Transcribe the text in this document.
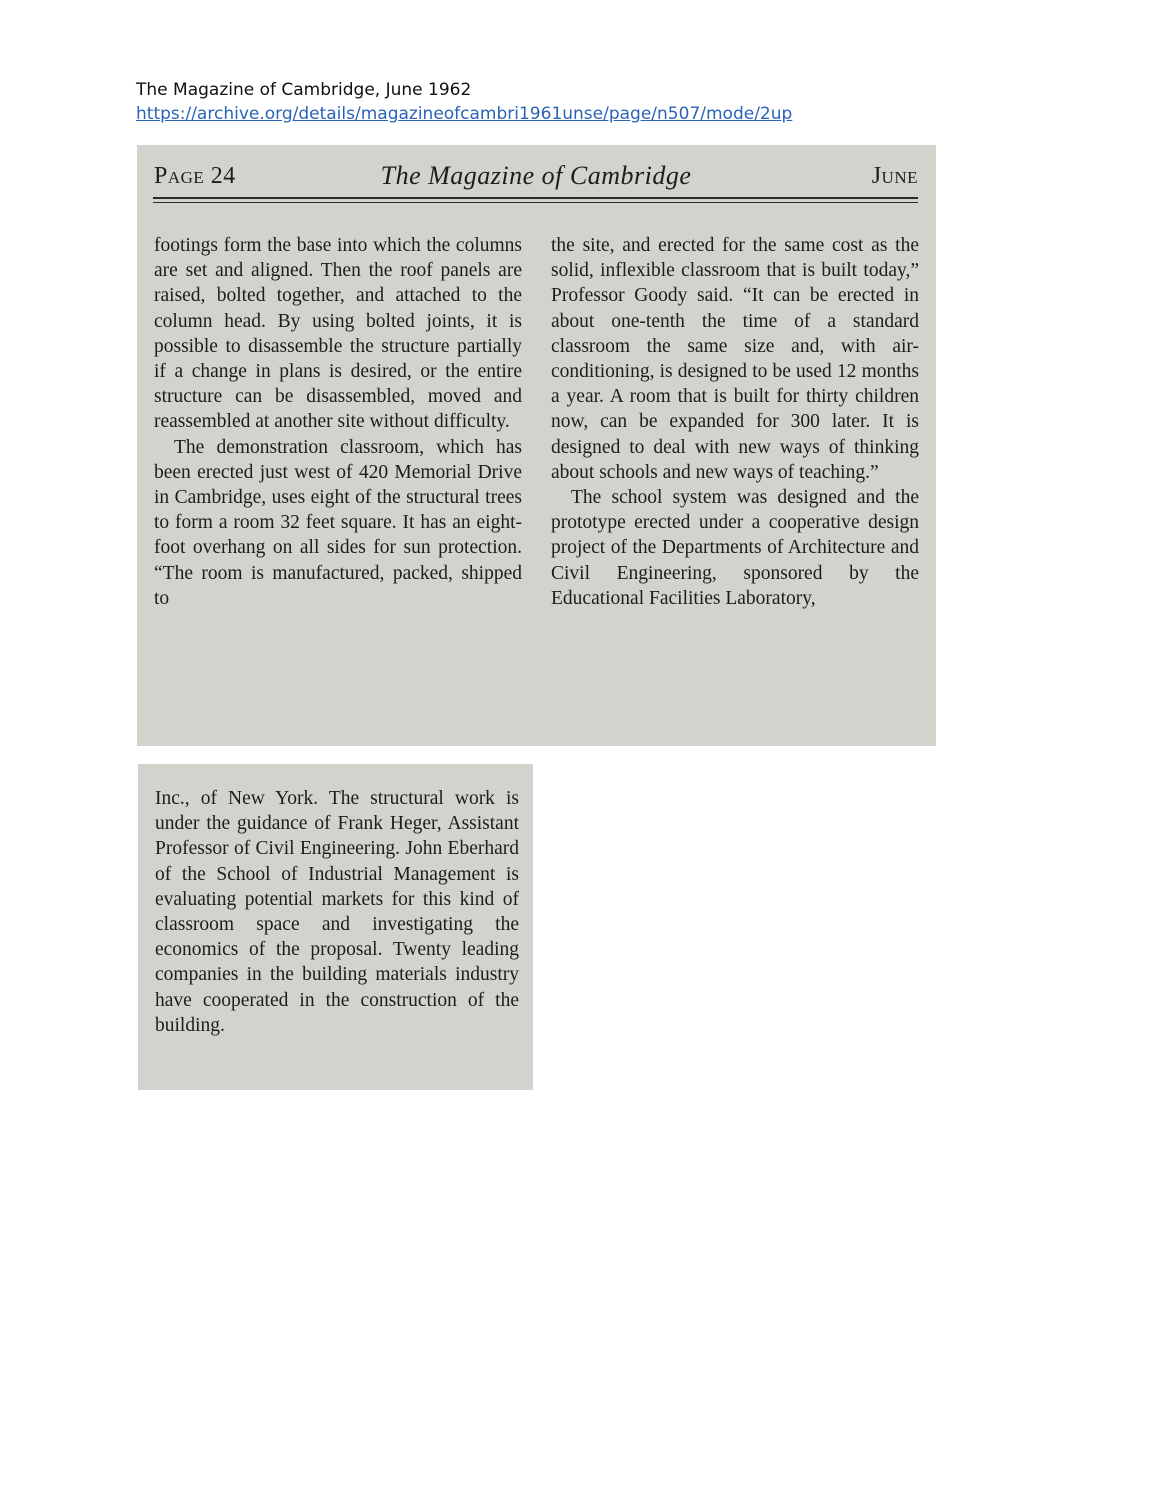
The Magazine of Cambridge, June 1962
https://archive.org/details/magazineofcambri1961unse/page/n507/mode/2up
Page 24	The Magazine of Cambridge	June

footings form the base into which the columns are set and aligned. Then the roof panels are raised, bolted together, and attached to the column head. By using bolted joints, it is possible to disassemble the structure partially if a change in plans is desired, or the entire structure can be disassembled, moved and reassembled at another site without difficulty.

The demonstration classroom, which has been erected just west of 420 Memorial Drive in Cambridge, uses eight of the structural trees to form a room 32 feet square. It has an eight-foot overhang on all sides for sun protection. “The room is manufactured, packed, shipped to

the site, and erected for the same cost as the solid, inflexible classroom that is built today,” Professor Goody said. “It can be erected in about one-tenth the time of a standard classroom the same size and, with air-conditioning, is designed to be used 12 months a year. A room that is built for thirty children now, can be expanded for 300 later. It is designed to deal with new ways of thinking about schools and new ways of teaching.”

The school system was designed and the prototype erected under a cooperative design project of the Departments of Architecture and Civil Engineering, sponsored by the Educational Facilities Laboratory,

Inc., of New York. The structural work is under the guidance of Frank Heger, Assistant Professor of Civil Engineering. John Eberhard of the School of Industrial Management is evaluating potential markets for this kind of classroom space and investigating the economics of the proposal. Twenty leading companies in the building materials industry have cooperated in the construction of the building.
